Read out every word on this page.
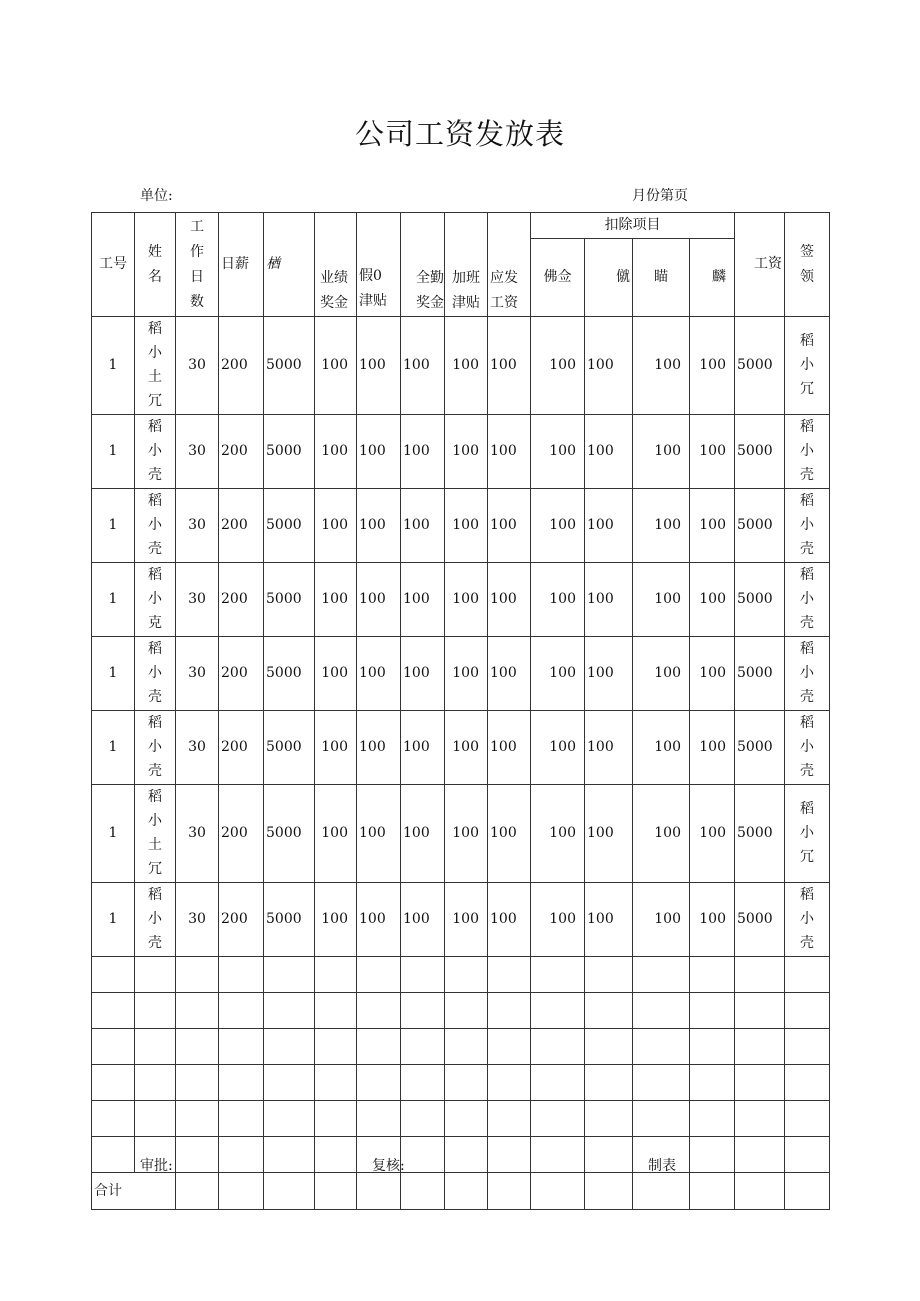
公司工资发放表
单位:	月份第页
工号	姓名	工作日数	日薪	楢	业绩奖金	假0 津贴	全勤奖金	加班津贴	应发 工资	扣除项目				工资	签领
										佛佥	僦	瞄	麟		
1	稻小土冗	30	200	5000	100	100	100	100	100	100	100	100	100	5000	稻小冗
1	稻小壳	30	200	5000	100	100	100	100	100	100	100	100	100	5000	稻小壳
1	稻小壳	30	200	5000	100	100	100	100	100	100	100	100	100	5000	稻小壳
1	稻小克	30	200	5000	100	100	100	100	100	100	100	100	100	5000	稻小壳
1	稻小壳	30	200	5000	100	100	100	100	100	100	100	100	100	5000	稻小壳
1	稻小壳	30	200	5000	100	100	100	100	100	100	100	100	100	5000	稻小壳
1	稻小土冗	30	200	5000	100	100	100	100	100	100	100	100	100	5000	稻小冗
1	稻小壳	30	200	5000	100	100	100	100	100	100	100	100	100	5000	稻小壳

合计															
审批:	复核:	制表
